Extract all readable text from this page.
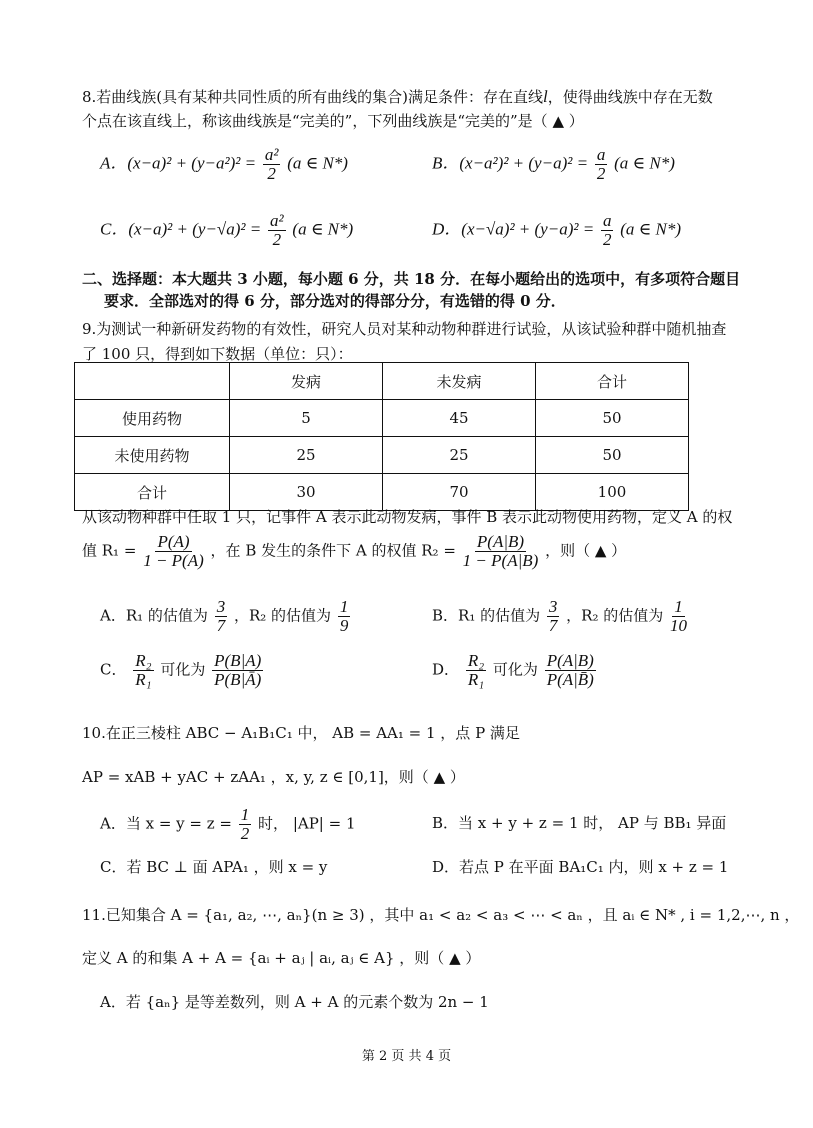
8.若曲线族(具有某种共同性质的所有曲线的集合)满足条件：存在直线l，使得曲线族中存在无数
个点在该直线上，称该曲线族是“完美的”，下列曲线族是“完美的”是（ ▲ ）
A．$(x-a)^2 + (y-a^2)^2 = \frac{\text{a²}}{2} (a$ ∈ N*)	B．$(x-a^2)^2 + (y-a)^2 = \frac{a}{2} (a$ ∈ N*)
C．$(x-a)^2 + (y-√a)^2 = \frac{\text{a²}}{2} (a$ ∈ N*)	D．$(x-√a)^2 + (y-a)^2 = \frac{a}{2} (a$ ∈ N*)
二、选择题：本大题共 3 小题，每小题 6 分，共 18 分．在每小题给出的选项中，有多项符合题目
要求．全部选对的得 6 分，部分选对的得部分分，有选错的得 0 分．
9.为测试一种新研发药物的有效性，研究人员对某种动物种群进行试验，从该试验种群中随机抽查
了 100 只，得到如下数据（单位：只）：
	发病	未发病	合计
使用药物	5	45	50
未使用药物	25	25	50
合计	30	70	100
从该动物种群中任取 1 只，记事件 A 表示此动物发病，事件 B 表示此动物使用药物，定义 A 的权
值 $R_1 = \frac{P(A)}{1 - P(A)}$ ，在 B 发生的条件下 A 的权值 $R_2 = \frac{P(A|B)}{1 - P(A|B)}$ ，则（ ▲ ）
A．R₁ 的估值为 $\frac{3}{7}$ ，R₂ 的估值为 $\frac{1}{9}$	B．R₁ 的估值为 $\frac{3}{7}$ ，R₂ 的估值为 $\frac{1}{10}$
C． $\frac{\text{R₂}}{\text{R₁}}$ 可化为 $\frac{P(B|A)}{P(B|Ā)}$	D． $\frac{\text{R₂}}{\text{R₁}}$ 可化为 $\frac{P(A|B)}{P(A|B̄)}$
10.在正三棱柱 ABC − A₁B₁C₁ 中， AB = AA₁ = 1 ，点 P 满足
AP = xAB + yAC + zAA₁ ，x, y, z ∈ [0,1]，则（ ▲ ）
A．当 $x = y = z = \frac{1}{2}$ 时， |AP| = 1	B．当 x + y + z = 1 时， AP 与 BB₁ 异面
C．若 BC ⊥ 面 APA₁ ，则 x = y	D．若点 P 在平面 BA₁C₁ 内，则 x + z = 1
11.已知集合 A = {a₁, a₂, ⋯, aₙ}(n ≥ 3) ，其中 a₁ < a₂ < a₃ < ⋯ < aₙ ，且 aᵢ ∈ N* , i = 1,2,⋯, n ，
定义 A 的和集 A + A = {aᵢ + aⱼ | aᵢ, aⱼ ∈ A} ，则（ ▲ ）
A．若 {aₙ} 是等差数列，则 A + A 的元素个数为 2n − 1
第 2 页 共 4 页
